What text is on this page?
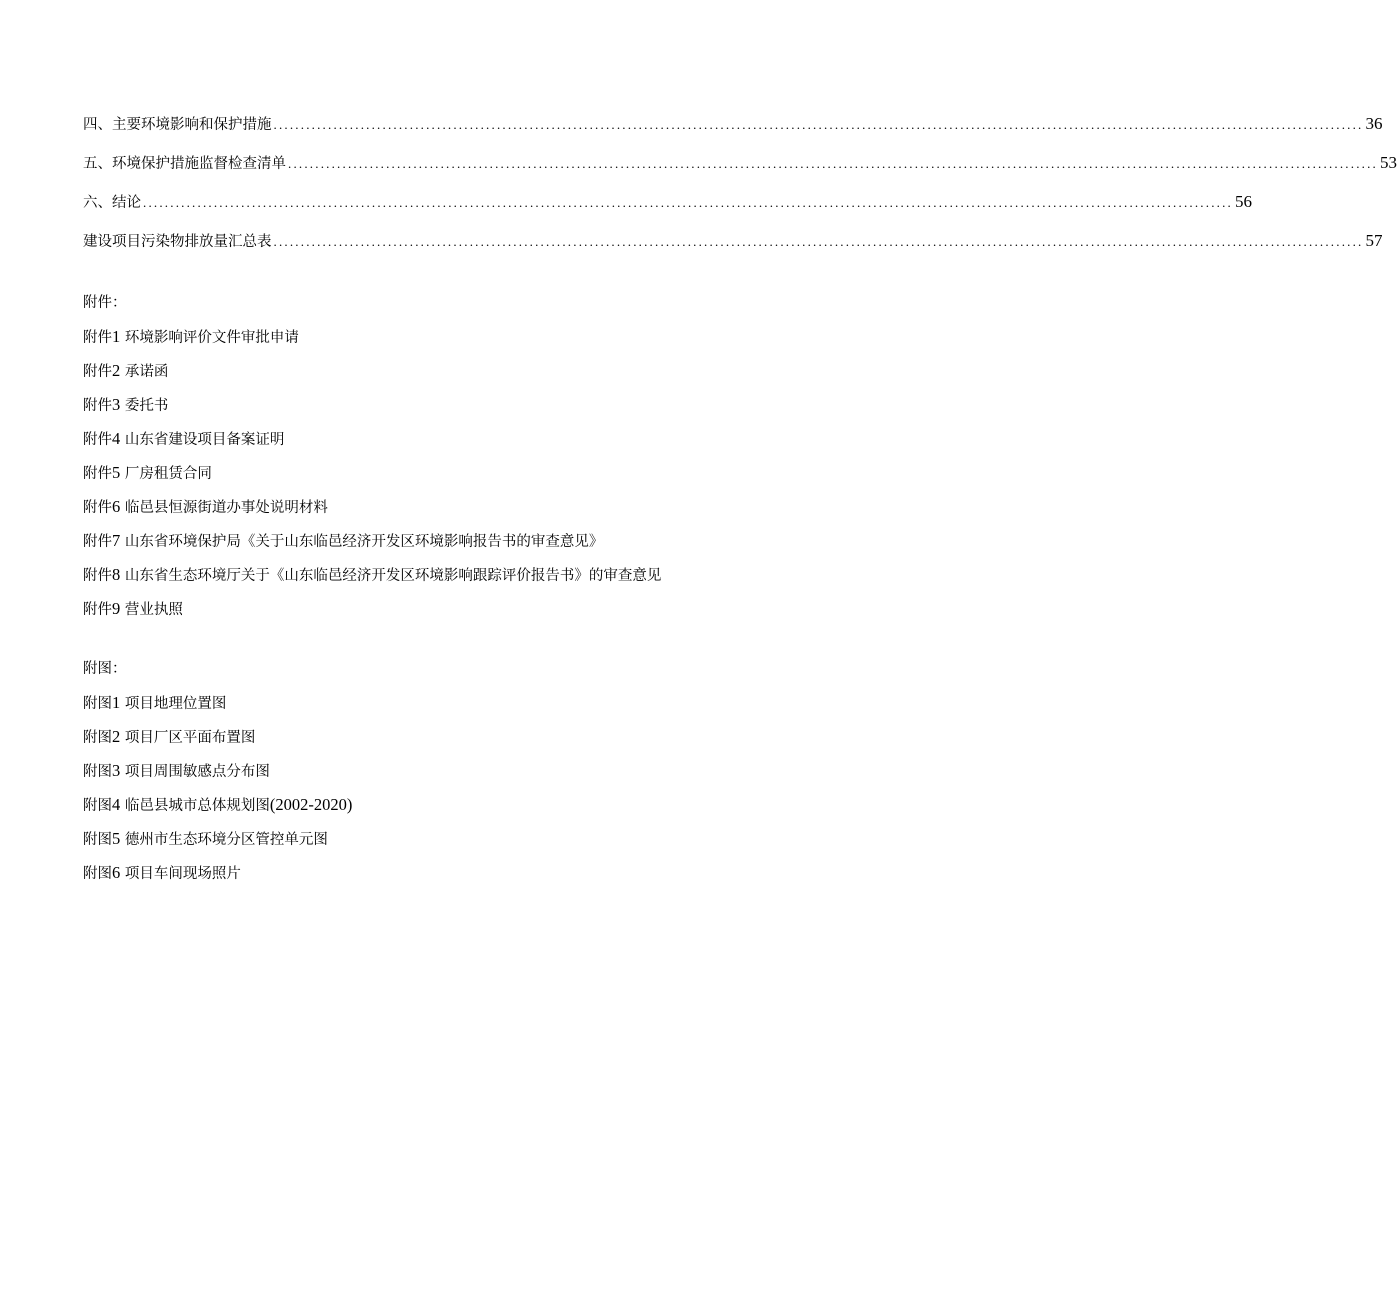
四、主要环境影响和保护措施 ........................................................................................................................................................................................................ 36
五、环境保护措施监督检查清单 ........................................................................................................................................................................................................ 53
六、结论 ........................................................................................................................................................................................................ 56
建设项目污染物排放量汇总表 ........................................................................................................................................................................................................ 57
附件：
附件1 环境影响评价文件审批申请
附件2 承诺函
附件3 委托书
附件4 山东省建设项目备案证明
附件5 厂房租赁合同
附件6 临邑县恒源街道办事处说明材料
附件7 山东省环境保护局《关于山东临邑经济开发区环境影响报告书的审查意见》
附件8 山东省生态环境厅关于《山东临邑经济开发区环境影响跟踪评价报告书》的审查意见
附件9 营业执照
附图：
附图1 项目地理位置图
附图2 项目厂区平面布置图
附图3 项目周围敏感点分布图
附图4 临邑县城市总体规划图(2002-2020)
附图5 德州市生态环境分区管控单元图
附图6 项目车间现场照片
